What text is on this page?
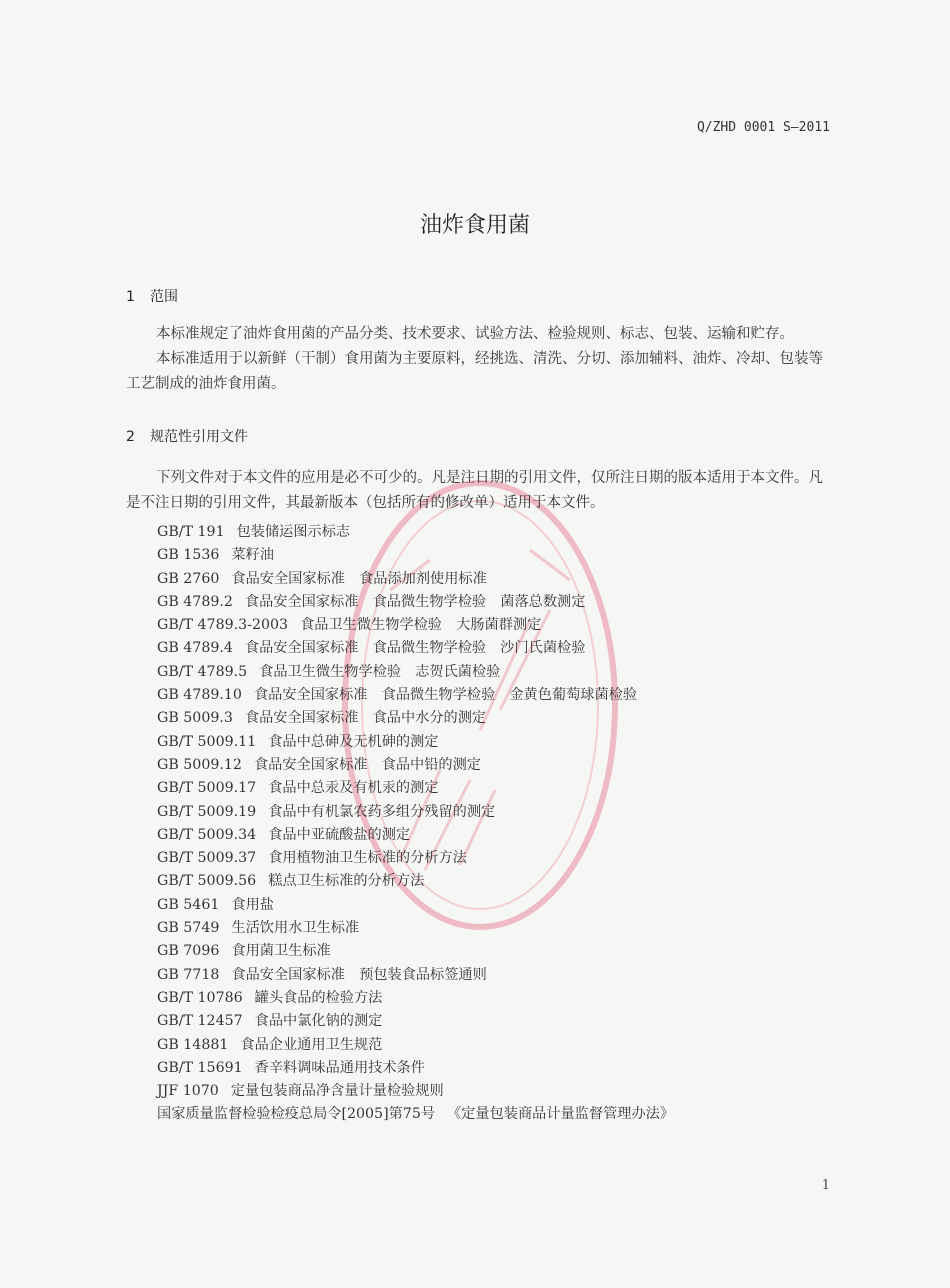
Q/ZHD 0001 S—2011
油炸食用菌
1 范围

本标准规定了油炸食用菌的产品分类、技术要求、试验方法、检验规则、标志、包装、运输和贮存。

本标准适用于以新鲜（干制）食用菌为主要原料，经挑选、清洗、分切、添加辅料、油炸、冷却、包装等工艺制成的油炸食用菌。

2 规范性引用文件

下列文件对于本文件的应用是必不可少的。凡是注日期的引用文件，仅所注日期的版本适用于本文件。凡是不注日期的引用文件，其最新版本（包括所有的修改单）适用于本文件。

GB/T 191 包装储运图示标志
GB 1536 菜籽油
GB 2760 食品安全国家标准　食品添加剂使用标准
GB 4789.2 食品安全国家标准　食品微生物学检验　菌落总数测定
GB/T 4789.3-2003 食品卫生微生物学检验　大肠菌群测定
GB 4789.4 食品安全国家标准　食品微生物学检验　沙门氏菌检验
GB/T 4789.5 食品卫生微生物学检验　志贺氏菌检验
GB 4789.10 食品安全国家标准　食品微生物学检验　金黄色葡萄球菌检验
GB 5009.3 食品安全国家标准　食品中水分的测定
GB/T 5009.11 食品中总砷及无机砷的测定
GB 5009.12 食品安全国家标准　食品中铅的测定
GB/T 5009.17 食品中总汞及有机汞的测定
GB/T 5009.19 食品中有机氯农药多组分残留的测定
GB/T 5009.34 食品中亚硫酸盐的测定
GB/T 5009.37 食用植物油卫生标准的分析方法
GB/T 5009.56 糕点卫生标准的分析方法
GB 5461 食用盐
GB 5749 生活饮用水卫生标准
GB 7096 食用菌卫生标准
GB 7718 食品安全国家标准　预包装食品标签通则
GB/T 10786 罐头食品的检验方法
GB/T 12457 食品中氯化钠的测定
GB 14881 食品企业通用卫生规范
GB/T 15691 香辛料调味品通用技术条件
JJF 1070 定量包装商品净含量计量检验规则
国家质量监督检验检疫总局令[2005]第75号 《定量包装商品计量监督管理办法》
1
